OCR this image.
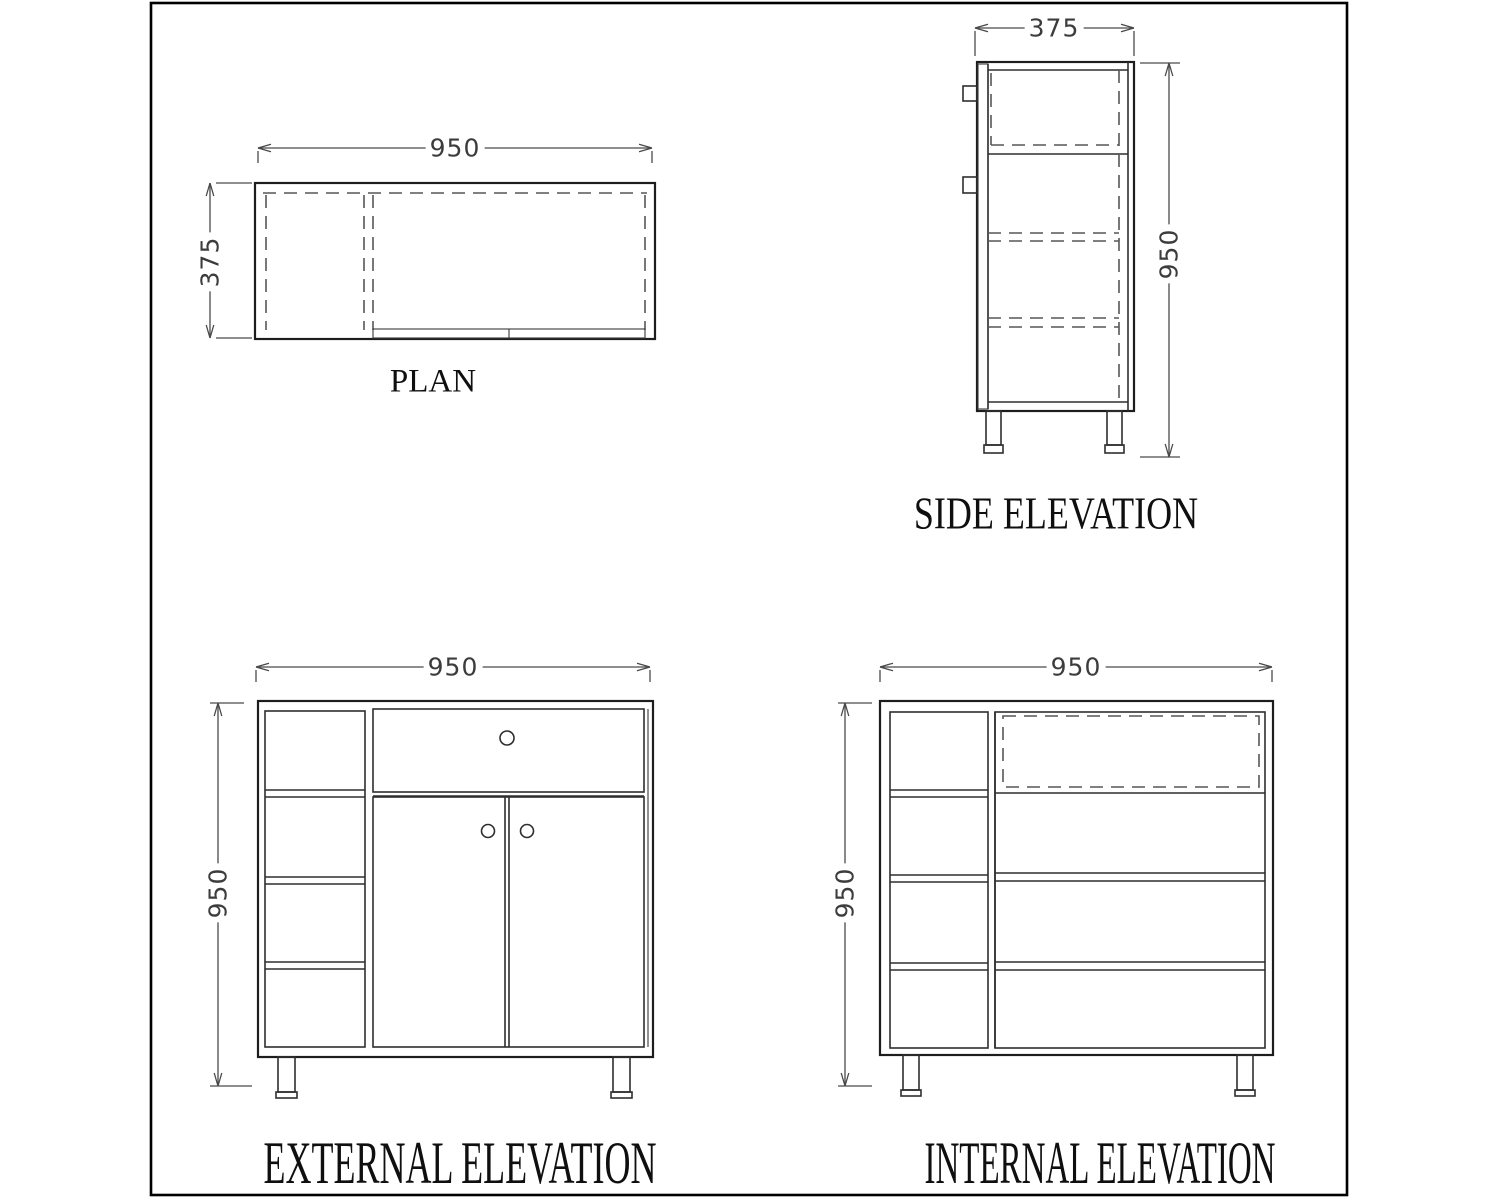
950
375
375
950
950
950
950
950
PLAN
SIDE ELEVATION
EXTERNAL ELEVATION	INTERNAL ELEVATION
